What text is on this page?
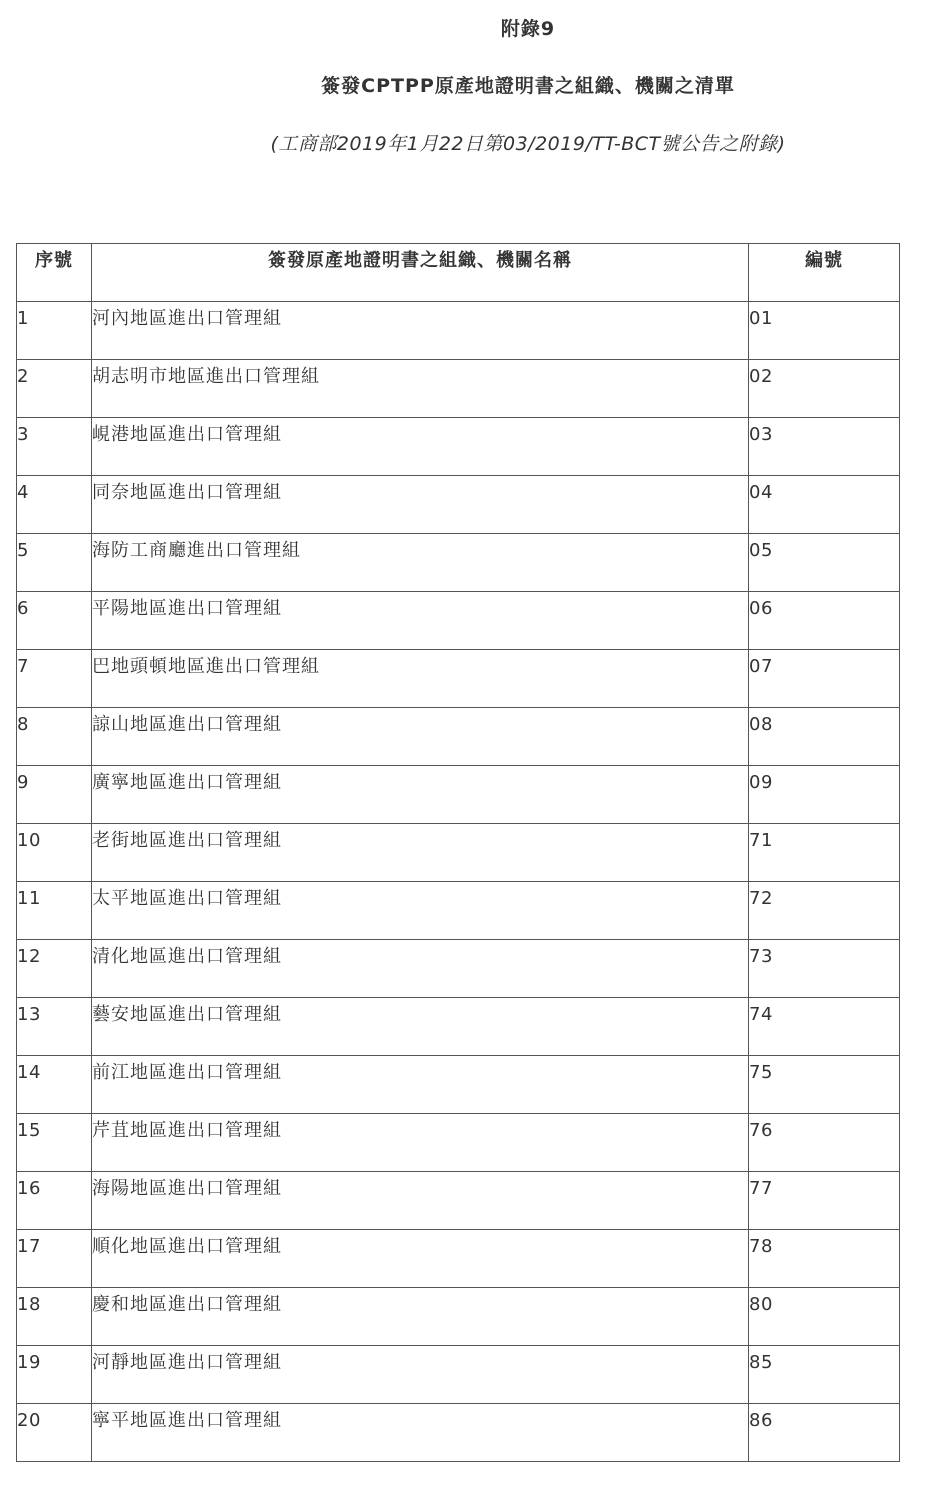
附錄9
簽發CPTPP原產地證明書之組織、機關之清單
(工商部2019年1月22日第03/2019/TT-BCT號公告之附錄)
序號	簽發原產地證明書之組織、機關名稱	編號
1	河內地區進出口管理組	01
2	胡志明市地區進出口管理組	02
3	峴港地區進出口管理組	03
4	同奈地區進出口管理組	04
5	海防工商廳進出口管理組	05
6	平陽地區進出口管理組	06
7	巴地頭頓地區進出口管理組	07
8	諒山地區進出口管理組	08
9	廣寧地區進出口管理組	09
10	老街地區進出口管理組	71
11	太平地區進出口管理組	72
12	清化地區進出口管理組	73
13	藝安地區進出口管理組	74
14	前江地區進出口管理組	75
15	芹苴地區進出口管理組	76
16	海陽地區進出口管理組	77
17	順化地區進出口管理組	78
18	慶和地區進出口管理組	80
19	河靜地區進出口管理組	85
20	寧平地區進出口管理組	86
